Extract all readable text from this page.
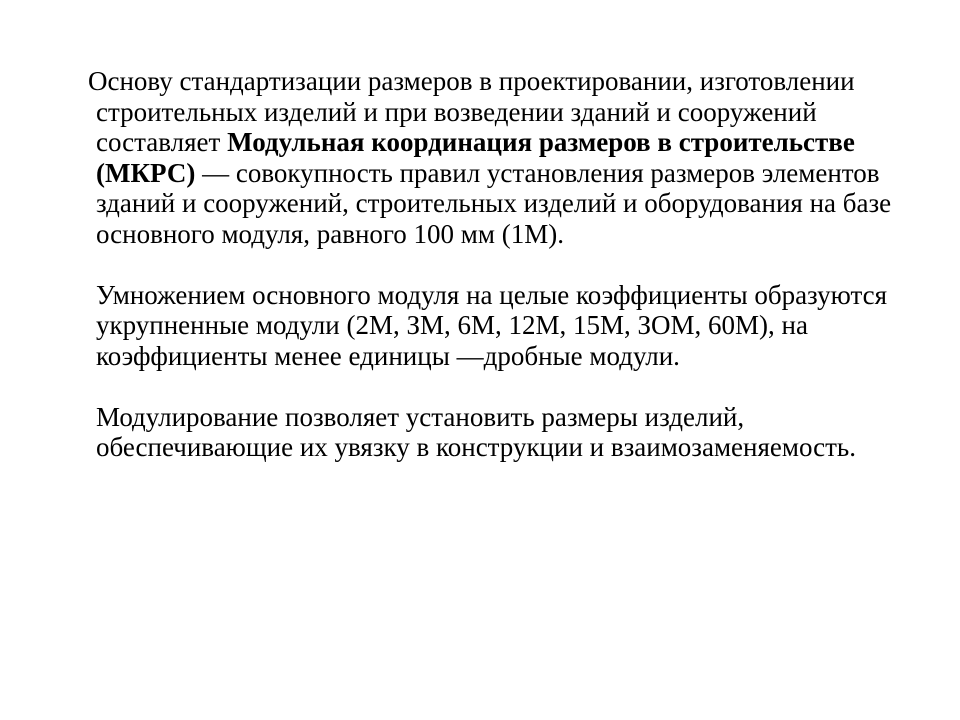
Основу стандартизации размеров в проектировании, изготовлении строительных изделий и при возведении зданий и сооружений составляет Модульная координация размеров в строительстве (МКРС) — совокупность правил установления размеров элементов зданий и сооружений, строительных изделий и оборудования на базе основного модуля, равного 100 мм (1М).

Умножением основного модуля на целые коэффициенты образуются укрупненные модули (2М, ЗМ, 6М, 12М, 15М, ЗОМ, 60М), на коэффициенты менее единицы —дробные модули.

Модулирование позволяет установить размеры изделий, обеспечивающие их увязку в конструкции и взаимозаменяемость.
